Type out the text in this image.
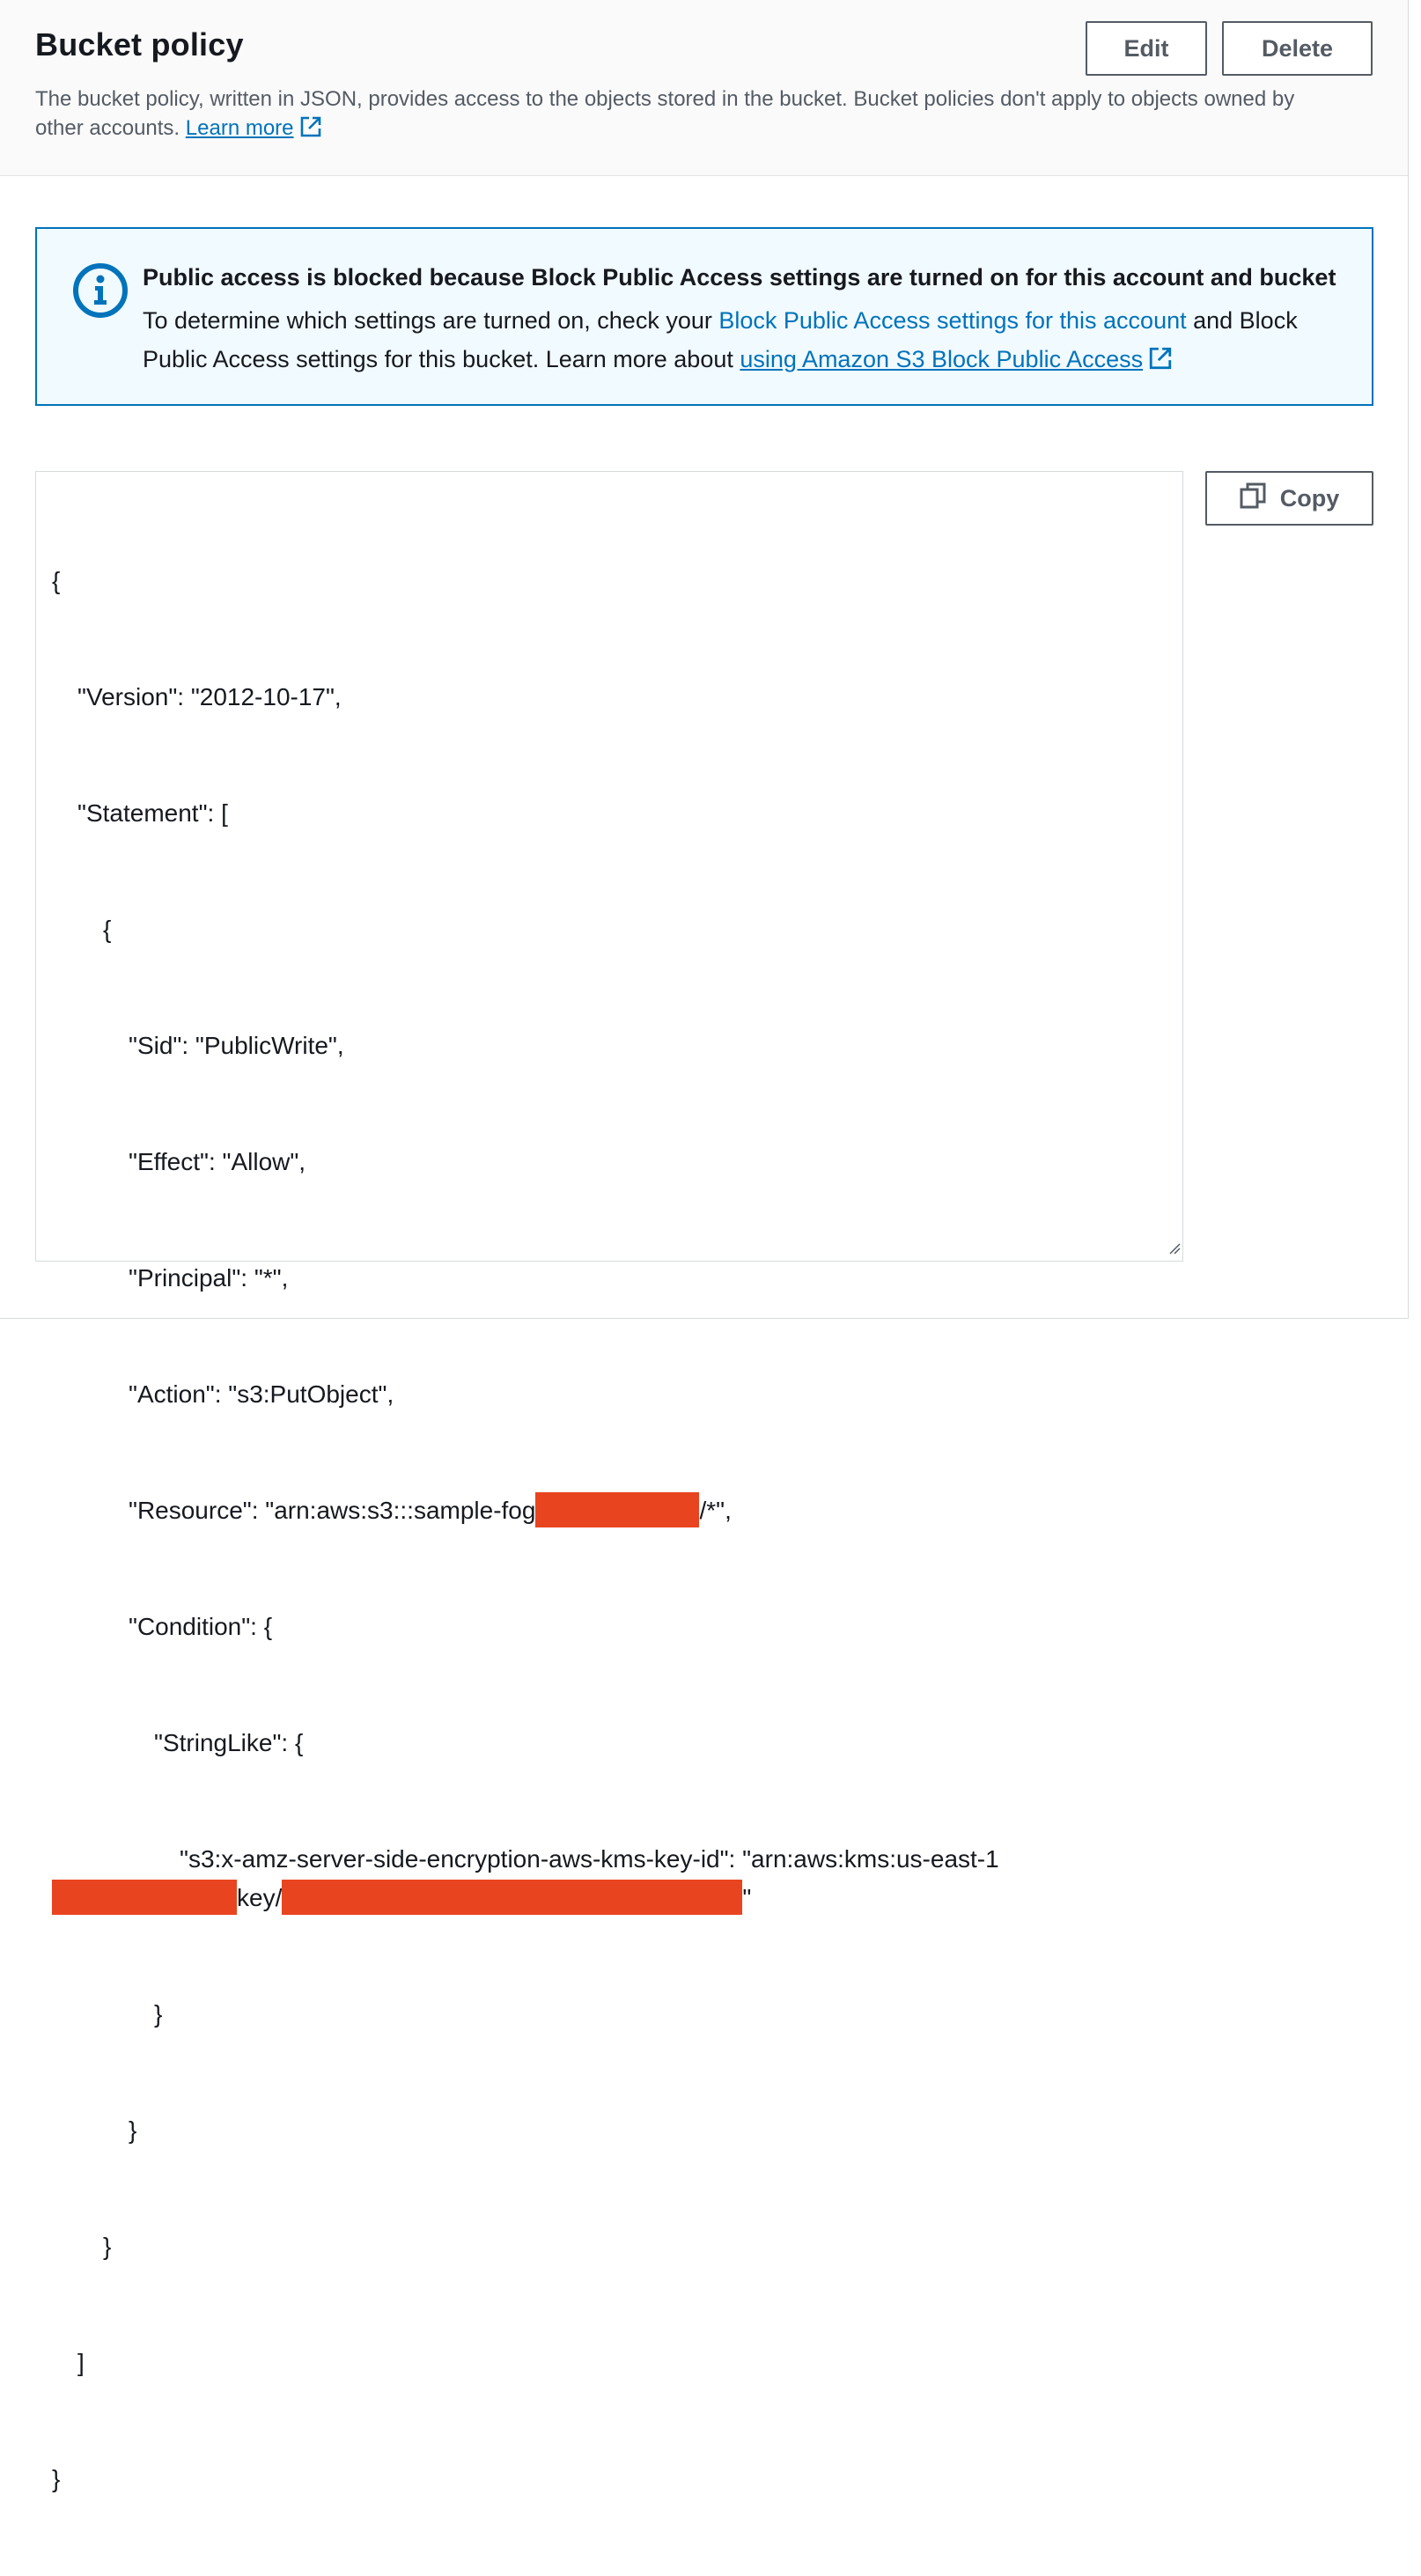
Bucket policy
The bucket policy, written in JSON, provides access to the objects stored in the bucket. Bucket policies don't apply to objects owned by other accounts. Learn more
Edit	Delete
Public access is blocked because Block Public Access settings are turned on for this account and bucket
To determine which settings are turned on, check your Block Public Access settings for this account and Block Public Access settings for this bucket. Learn more about using Amazon S3 Block Public Access

{

"Version": "2012-10-17",

"Statement": [

{

"Sid": "PublicWrite",

"Effect": "Allow",

"Principal": "*",

"Action": "s3:PutObject",

"Resource": "arn:aws:s3:::sample-fog	/*",

"Condition": {

"StringLike": {

"s3:x-amz-server-side-encryption-aws-kms-key-id": "arn:aws:kms:us-east-1key/	"

}

}

}

]

}

Copy
